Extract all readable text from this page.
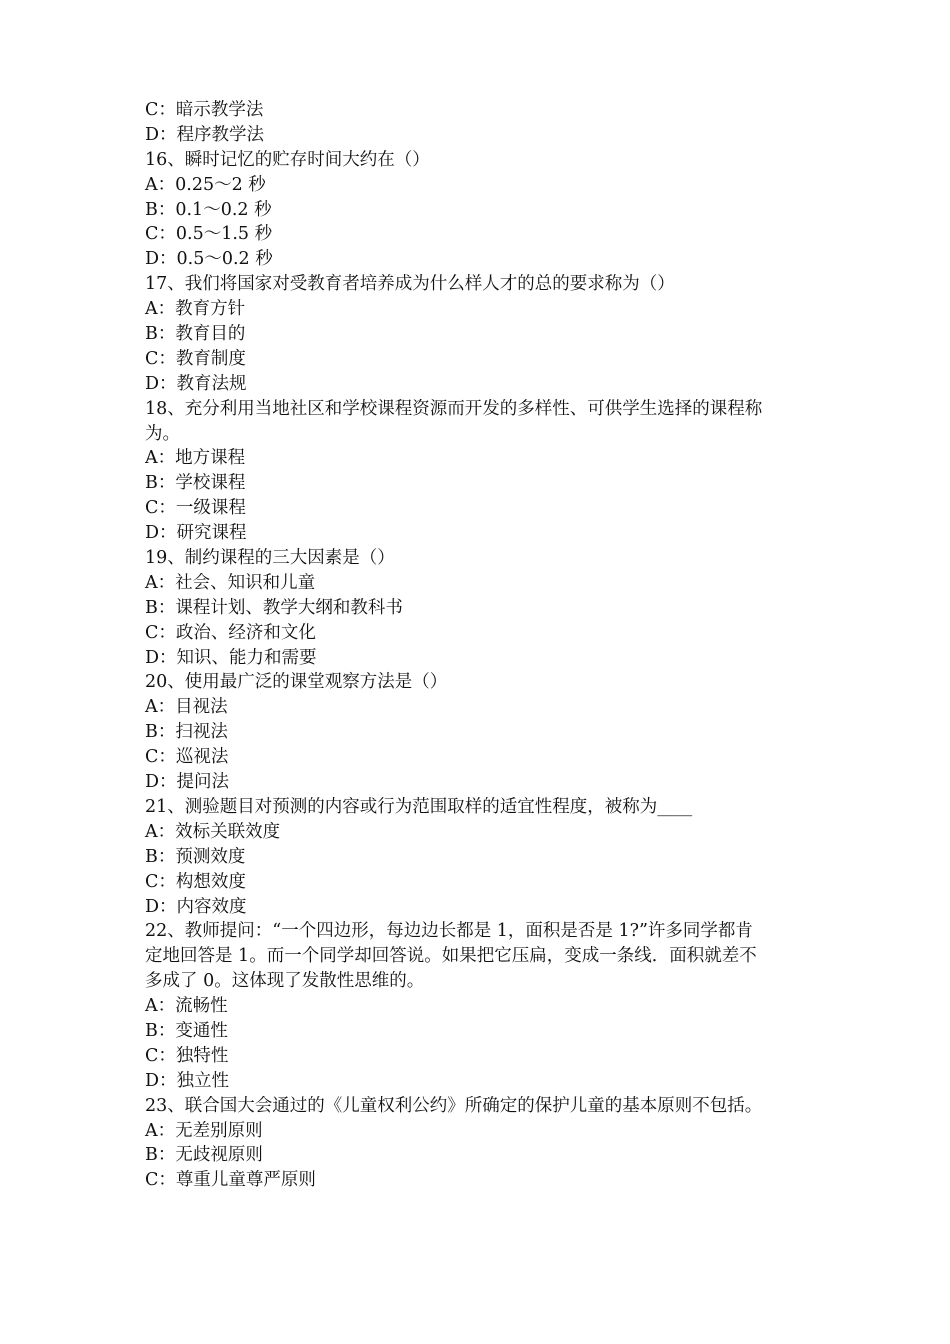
C：暗示教学法
D：程序教学法
16、瞬时记忆的贮存时间大约在（）
A：0.25～2 秒
B：0.1～0.2 秒
C：0.5～1.5 秒
D：0.5～0.2 秒
17、我们将国家对受教育者培养成为什么样人才的总的要求称为（）
A：教育方针
B：教育目的
C：教育制度
D：教育法规
18、充分利用当地社区和学校课程资源而开发的多样性、可供学生选择的课程称
为。
A：地方课程
B：学校课程
C：一级课程
D：研究课程
19、制约课程的三大因素是（）
A：社会、知识和儿童
B：课程计划、教学大纲和教科书
C：政治、经济和文化
D：知识、能力和需要
20、使用最广泛的课堂观察方法是（）
A：目视法
B：扫视法
C：巡视法
D：提问法
21、测验题目对预测的内容或行为范围取样的适宜性程度，被称为____
A：效标关联效度
B：预测效度
C：构想效度
D：内容效度
22、教师提问：“一个四边形，每边边长都是 1，面积是否是 1?”许多同学都肯
定地回答是 1。而一个同学却回答说。如果把它压扁，变成一条线．面积就差不
多成了 0。这体现了发散性思维的。
A：流畅性
B：变通性
C：独特性
D：独立性
23、联合国大会通过的《儿童权利公约》所确定的保护儿童的基本原则不包括。
A：无差别原则
B：无歧视原则
C：尊重儿童尊严原则
